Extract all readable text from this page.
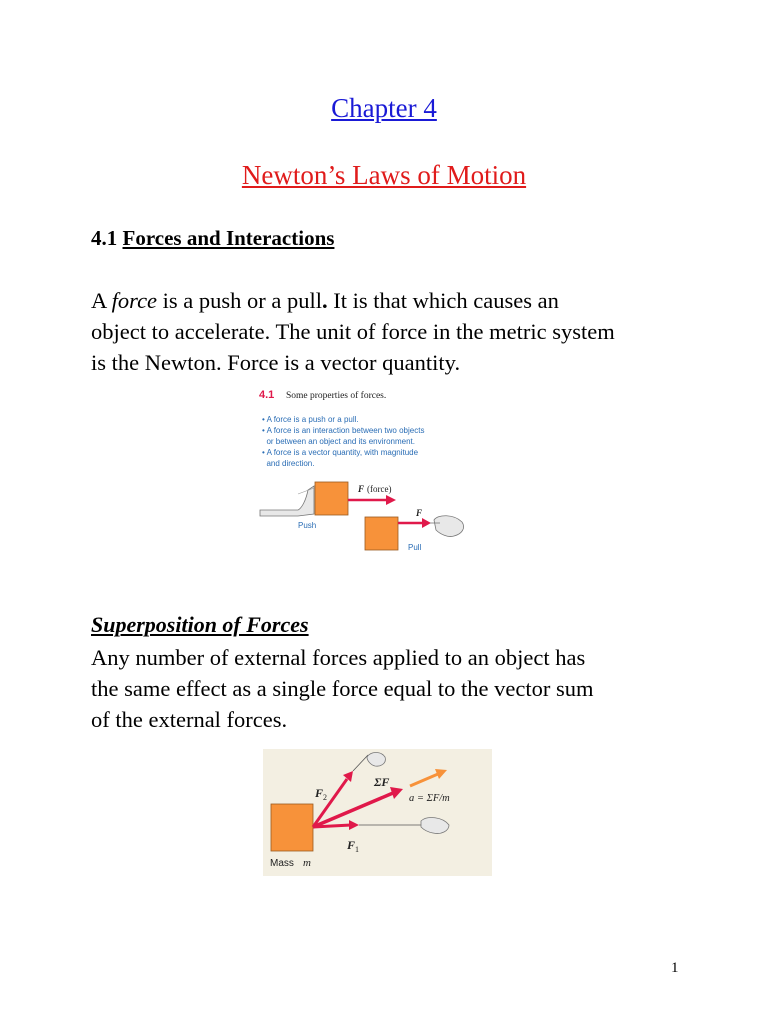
Chapter 4
Newton’s Laws of Motion
4.1 Forces and Interactions

A force is a push or a pull. It is that which causes an

object to accelerate. The unit of force in the metric system

is the Newton. Force is a vector quantity.

4.1 Some properties of forces.
• A force is a push or a pull.
• A force is an interaction between two objects
or between an object and its environment.
• A force is a vector quantity, with magnitude
and direction.
F (force)
Push
F
Pull
Superposition of Forces

Any number of external forces applied to an object has

the same effect as a single force equal to the vector sum

of the external forces.

F 2
ΣF
a = ΣF/m
F 1
Mass m
1
